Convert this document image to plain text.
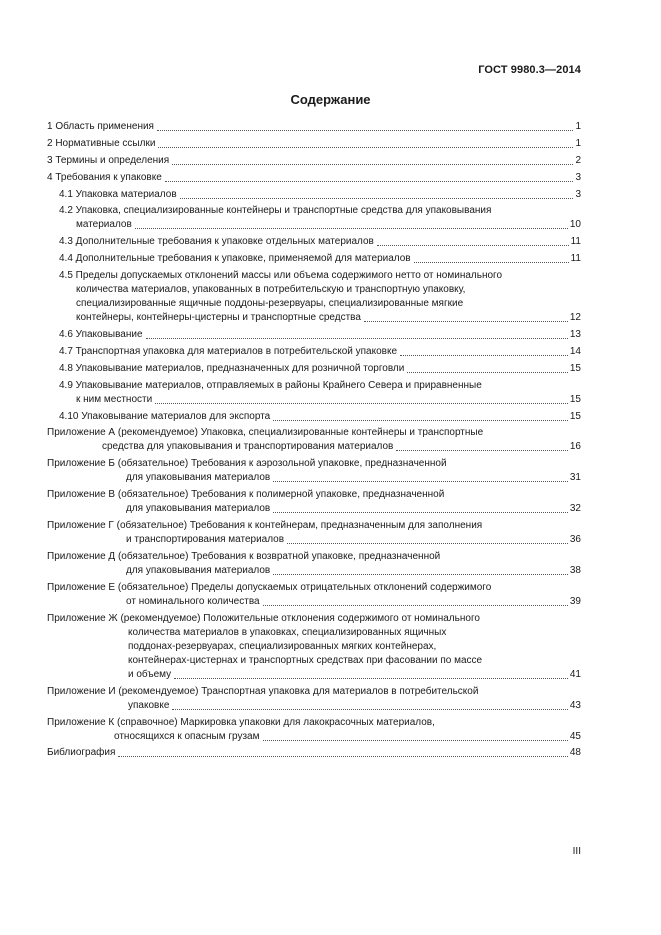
ГОСТ 9980.3—2014
Содержание
1 Область применения	1
2 Нормативные ссылки	1
3 Термины и определения	2
4 Требования к упаковке	3
4.1 Упаковка материалов	3
4.2 Упаковка, специализированные контейнеры и транспортные средства для упаковывания
материалов	10
4.3 Дополнительные требования к упаковке отдельных материалов	11
4.4 Дополнительные требования к упаковке, применяемой для материалов	11
4.5 Пределы допускаемых отклонений массы или объема содержимого нетто от номинального
количества материалов, упакованных в потребительскую и транспортную упаковку,
специализированные ящичные поддоны-резервуары, специализированные мягкие
контейнеры, контейнеры-цистерны и транспортные средства	12
4.6 Упаковывание	13
4.7 Транспортная упаковка для материалов в потребительской упаковке	14
4.8 Упаковывание материалов, предназначенных для розничной торговли	15
4.9 Упаковывание материалов, отправляемых в районы Крайнего Севера и приравненные
к ним местности	15
4.10 Упаковывание материалов для экспорта	15
Приложение А (рекомендуемое) Упаковка, специализированные контейнеры и транспортные
средства для упаковывания и транспортирования материалов	16
Приложение Б (обязательное) Требования к аэрозольной упаковке, предназначенной
для упаковывания материалов	31
Приложение В (обязательное) Требования к полимерной упаковке, предназначенной
для упаковывания материалов	32
Приложение Г (обязательное) Требования к контейнерам, предназначенным для заполнения
и транспортирования материалов	36
Приложение Д (обязательное) Требования к возвратной упаковке, предназначенной
для упаковывания материалов	38
Приложение Е (обязательное) Пределы допускаемых отрицательных отклонений содержимого
от номинального количества	39
Приложение Ж (рекомендуемое) Положительные отклонения содержимого от номинального
количества материалов в упаковках, специализированных ящичных
поддонах-резервуарах, специализированных мягких контейнерах,
контейнерах-цистернах и транспортных средствах при фасовании по массе
и объему	41
Приложение И (рекомендуемое) Транспортная упаковка для материалов в потребительской
упаковке	43
Приложение К (справочное) Маркировка упаковки для лакокрасочных материалов,
относящихся к опасным грузам	45
Библиография	48
III
